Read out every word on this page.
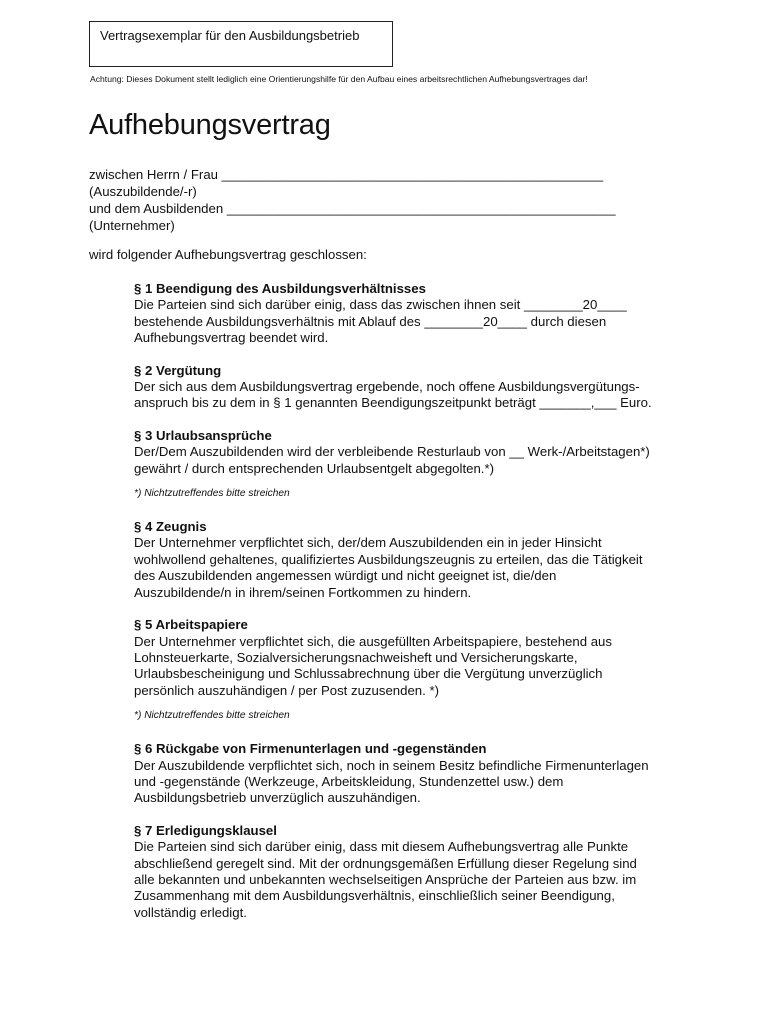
Vertragsexemplar für den Ausbildungsbetrieb
Achtung: Dieses Dokument stellt lediglich eine Orientierungshilfe für den Aufbau eines arbeitsrechtlichen Aufhebungsvertrages dar!
Aufhebungsvertrag
zwischen Herrn / Frau ____________________________________________________
(Auszubildende/-r)
und dem Ausbildenden _____________________________________________________
(Unternehmer)
wird folgender Aufhebungsvertrag geschlossen:
§ 1 Beendigung des Ausbildungsverhältnisses
Die Parteien sind sich darüber einig, dass das zwischen ihnen seit ________20____
bestehende Ausbildungsverhältnis mit Ablauf des ________20____ durch diesen
Aufhebungsvertrag beendet wird.
§ 2 Vergütung
Der sich aus dem Ausbildungsvertrag ergebende, noch offene Ausbildungsvergütungs-
anspruch bis zu dem in § 1 genannten Beendigungszeitpunkt beträgt _______,___ Euro.
§ 3 Urlaubsansprüche
Der/Dem Auszubildenden wird der verbleibende Resturlaub von __ Werk-/Arbeitstagen*)
gewährt / durch entsprechenden Urlaubsentgelt abgegolten.*)
*) Nichtzutreffendes bitte streichen
§ 4 Zeugnis
Der Unternehmer verpflichtet sich, der/dem Auszubildenden ein in jeder Hinsicht
wohlwollend gehaltenes, qualifiziertes Ausbildungszeugnis zu erteilen, das die Tätigkeit
des Auszubildenden angemessen würdigt und nicht geeignet ist, die/den
Auszubildende/n in ihrem/seinen Fortkommen zu hindern.
§ 5 Arbeitspapiere
Der Unternehmer verpflichtet sich, die ausgefüllten Arbeitspapiere, bestehend aus
Lohnsteuerkarte, Sozialversicherungsnachweisheft und Versicherungskarte,
Urlaubsbescheinigung und Schlussabrechnung über die Vergütung unverzüglich
persönlich auszuhändigen / per Post zuzusenden. *)
*) Nichtzutreffendes bitte streichen
§ 6 Rückgabe von Firmenunterlagen und -gegenständen
Der Auszubildende verpflichtet sich, noch in seinem Besitz befindliche Firmenunterlagen
und -gegenstände (Werkzeuge, Arbeitskleidung, Stundenzettel usw.) dem
Ausbildungsbetrieb unverzüglich auszuhändigen.
§ 7 Erledigungsklausel
Die Parteien sind sich darüber einig, dass mit diesem Aufhebungsvertrag alle Punkte
abschließend geregelt sind. Mit der ordnungsgemäßen Erfüllung dieser Regelung sind
alle bekannten und unbekannten wechselseitigen Ansprüche der Parteien aus bzw. im
Zusammenhang mit dem Ausbildungsverhältnis, einschließlich seiner Beendigung,
vollständig erledigt.
